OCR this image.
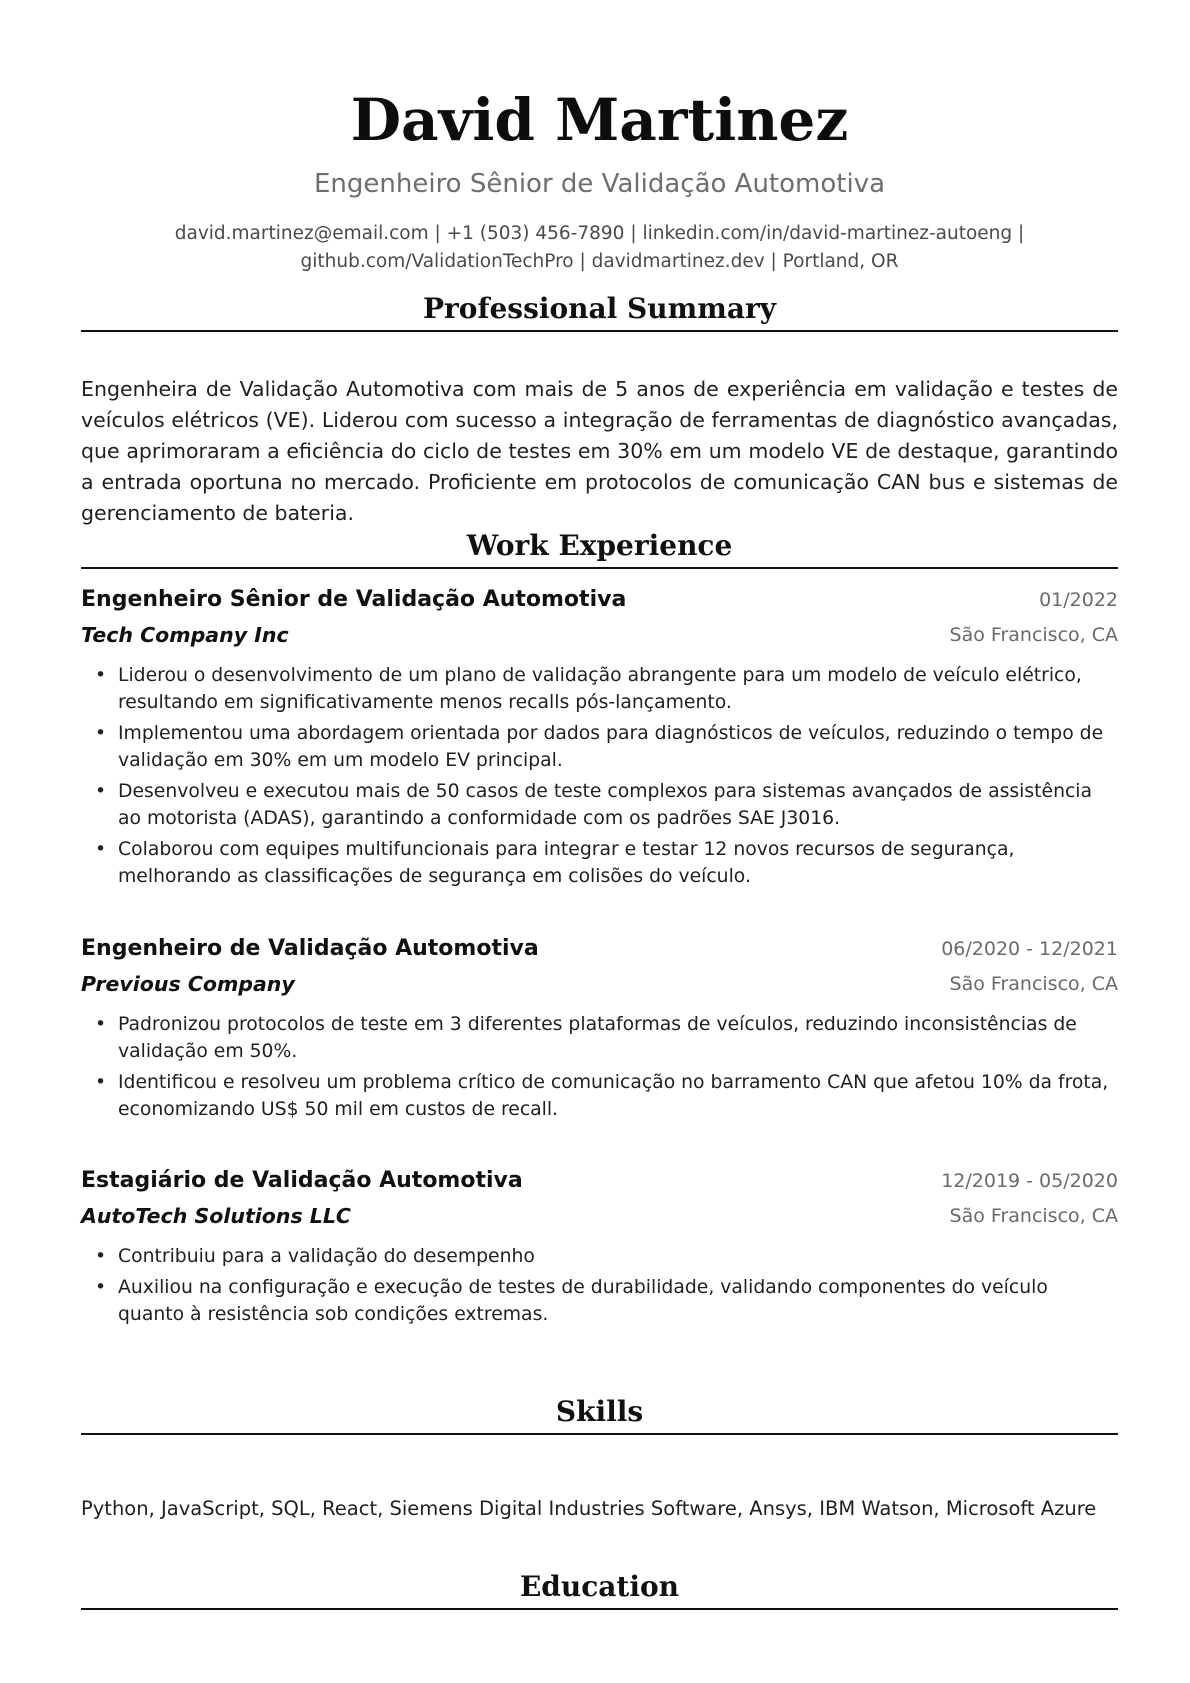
David Martinez
Engenheiro Sênior de Validação Automotiva
david.martinez@email.com | +1 (503) 456-7890 | linkedin.com/in/david-martinez-autoeng |
github.com/ValidationTechPro | davidmartinez.dev | Portland, OR
Professional Summary
Engenheira de Validação Automotiva com mais de 5 anos de experiência em validação e testes de veículos elétricos (VE). Liderou com sucesso a integração de ferramentas de diagnóstico avançadas, que aprimoraram a eficiência do ciclo de testes em 30% em um modelo VE de destaque, garantindo a entrada oportuna no mercado. Proficiente em protocolos de comunicação CAN bus e sistemas de gerenciamento de bateria.
Work Experience
Engenheiro Sênior de Validação Automotiva	01/2022
Tech Company Inc	São Francisco, CA
• Liderou o desenvolvimento de um plano de validação abrangente para um modelo de veículo elétrico, resultando em significativamente menos recalls pós-lançamento.
• Implementou uma abordagem orientada por dados para diagnósticos de veículos, reduzindo o tempo de validação em 30% em um modelo EV principal.
• Desenvolveu e executou mais de 50 casos de teste complexos para sistemas avançados de assistência ao motorista (ADAS), garantindo a conformidade com os padrões SAE J3016.
• Colaborou com equipes multifuncionais para integrar e testar 12 novos recursos de segurança, melhorando as classificações de segurança em colisões do veículo.
Engenheiro de Validação Automotiva	06/2020 - 12/2021
Previous Company	São Francisco, CA
• Padronizou protocolos de teste em 3 diferentes plataformas de veículos, reduzindo inconsistências de validação em 50%.
• Identificou e resolveu um problema crítico de comunicação no barramento CAN que afetou 10% da frota, economizando US$ 50 mil em custos de recall.
Estagiário de Validação Automotiva	12/2019 - 05/2020
AutoTech Solutions LLC	São Francisco, CA
• Contribuiu para a validação do desempenho
• Auxiliou na configuração e execução de testes de durabilidade, validando componentes do veículo quanto à resistência sob condições extremas.
Skills
Python, JavaScript, SQL, React, Siemens Digital Industries Software, Ansys, IBM Watson, Microsoft Azure
Education
